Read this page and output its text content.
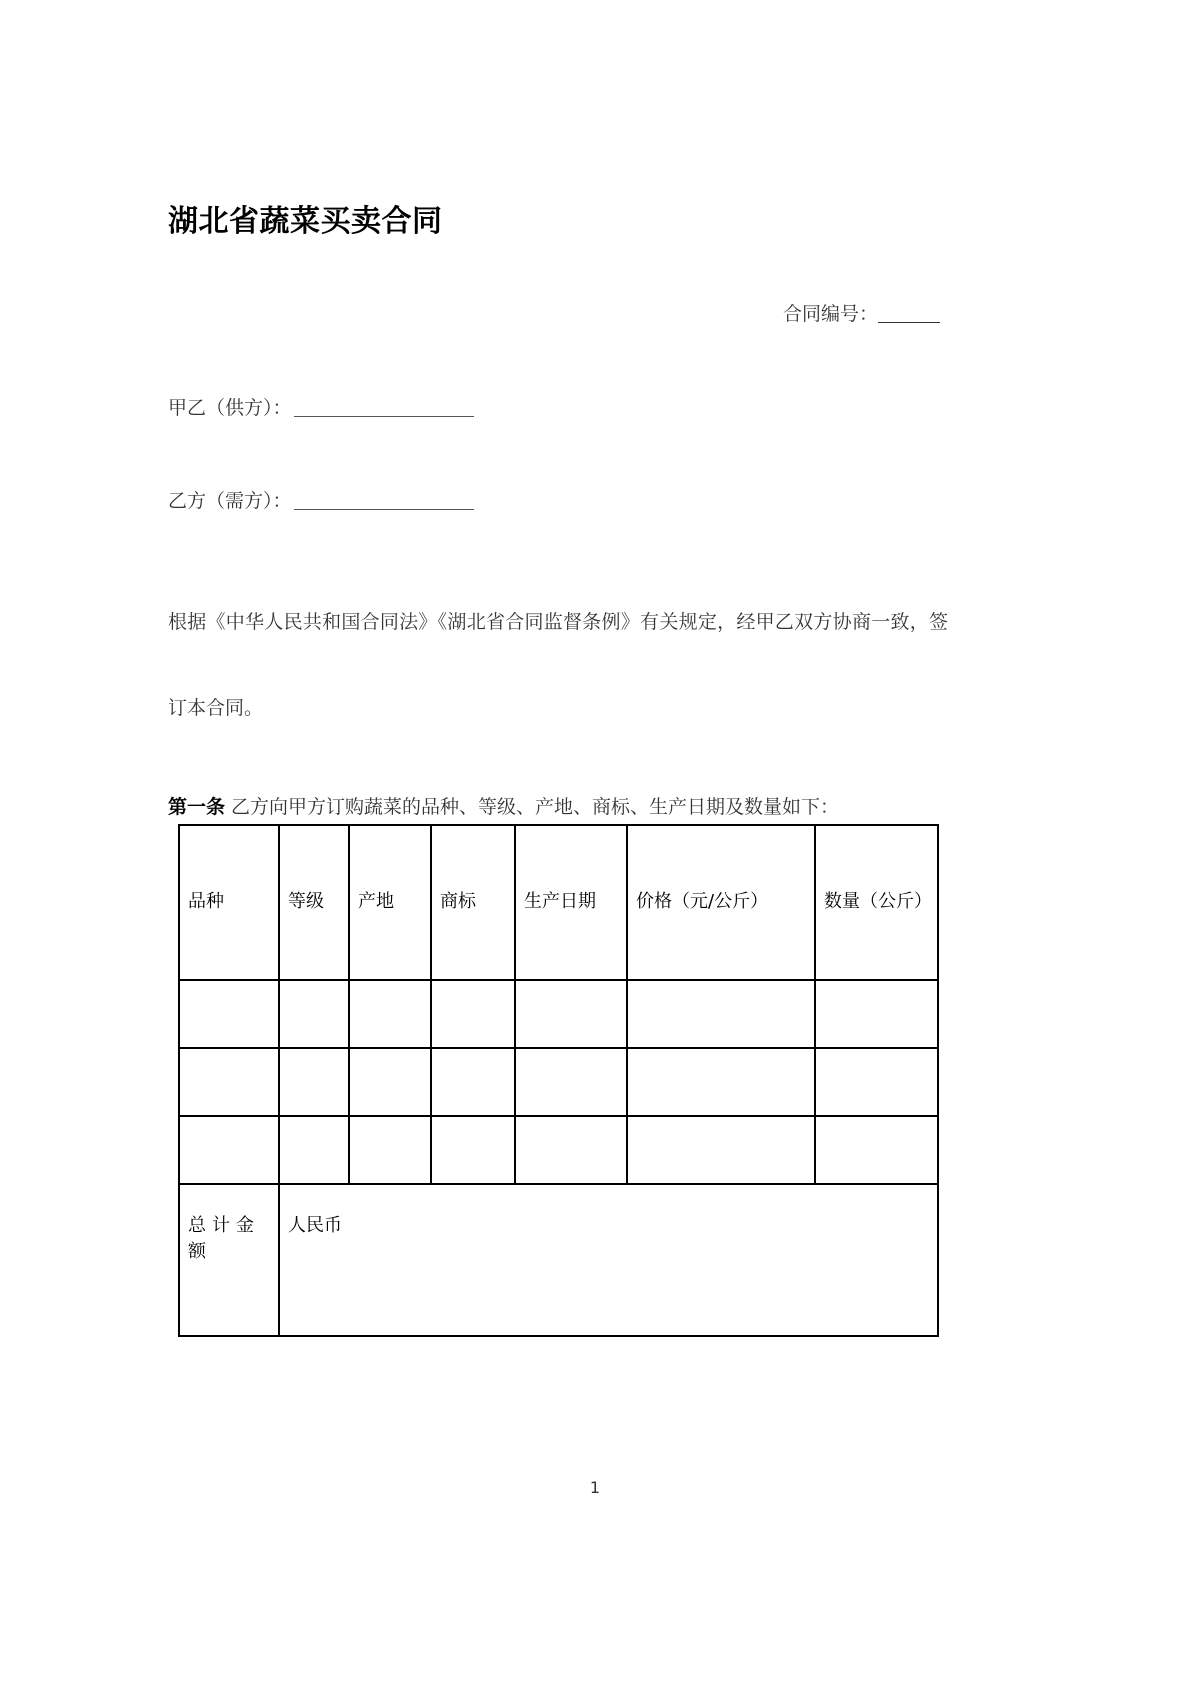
湖北省蔬菜买卖合同
合同编号：
甲乙（供方）：
乙方（需方）：

根据《中华人民共和国合同法》《湖北省合同监督条例》有关规定，经甲乙双方协商一致，签订本合同。

第一条 乙方向甲方订购蔬菜的品种、等级、产地、商标、生产日期及数量如下：

品种	等级	产地	商标	生产日期	价格（元/公斤）	数量（公斤）

总计金额	人民币					
1
